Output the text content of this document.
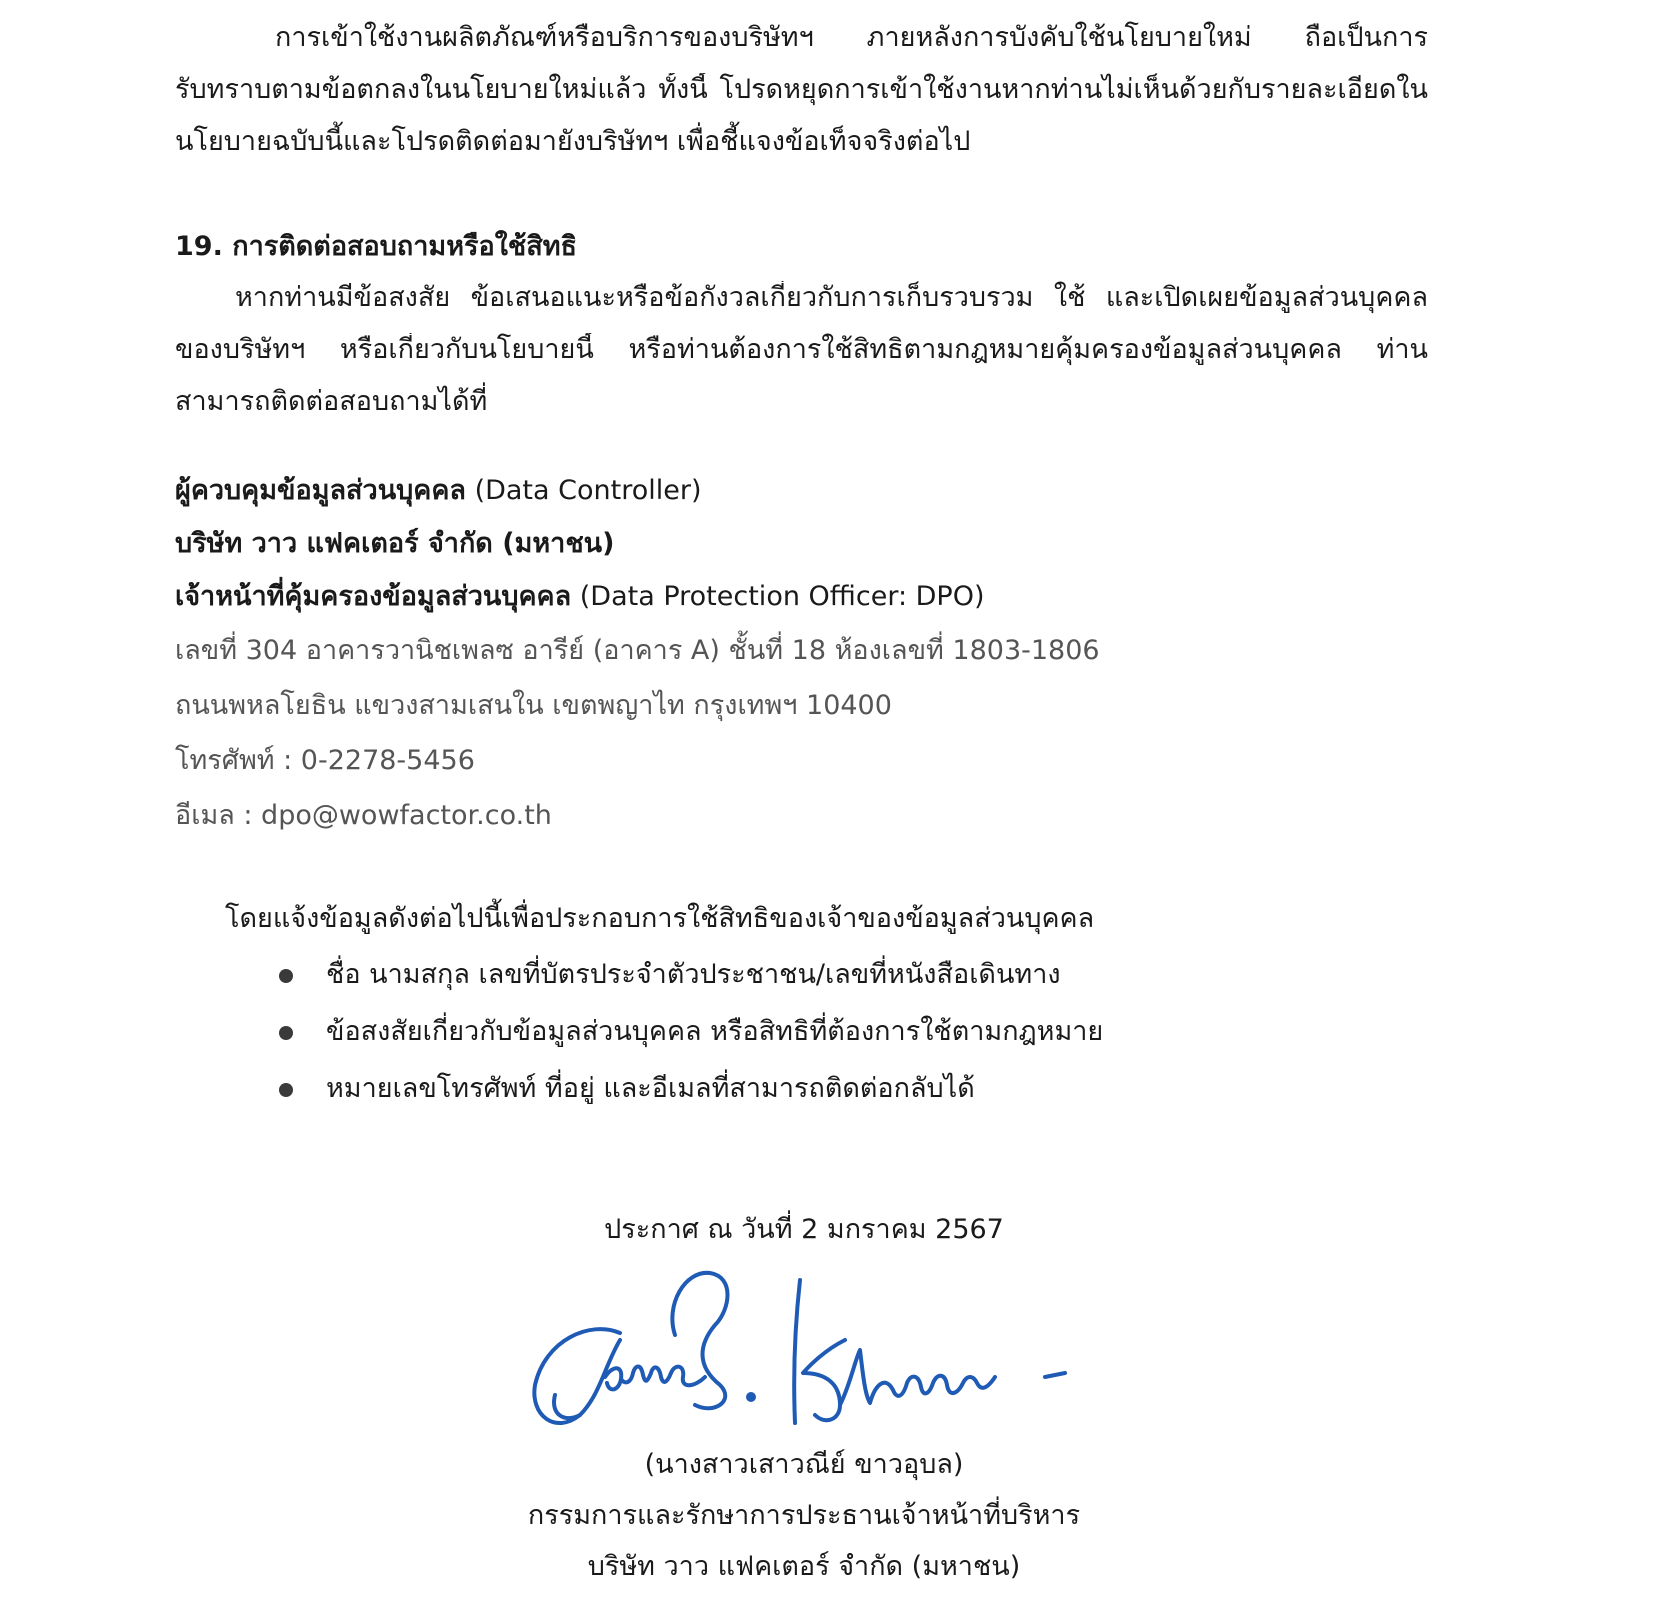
การเข้าใช้งานผลิตภัณฑ์หรือบริการของบริษัทฯ ภายหลังการบังคับใช้นโยบายใหม่ ถือเป็นการ
รับทราบตามข้อตกลงในนโยบายใหม่แล้ว ทั้งนี้ โปรดหยุดการเข้าใช้งานหากท่านไม่เห็นด้วยกับรายละเอียดใน
นโยบายฉบับนี้และโปรดติดต่อมายังบริษัทฯ เพื่อชี้แจงข้อเท็จจริงต่อไป
19. การติดต่อสอบถามหรือใช้สิทธิ
หากท่านมีข้อสงสัย ข้อเสนอแนะหรือข้อกังวลเกี่ยวกับการเก็บรวบรวม ใช้ และเปิดเผยข้อมูลส่วนบุคคล
ของบริษัทฯ หรือเกี่ยวกับนโยบายนี้ หรือท่านต้องการใช้สิทธิตามกฎหมายคุ้มครองข้อมูลส่วนบุคคล ท่าน
สามารถติดต่อสอบถามได้ที่
ผู้ควบคุมข้อมูลส่วนบุคคล (Data Controller)
บริษัท วาว แฟคเตอร์ จำกัด (มหาชน)
เจ้าหน้าที่คุ้มครองข้อมูลส่วนบุคคล (Data Protection Officer: DPO)
เลขที่ 304 อาคารวานิชเพลซ อารีย์ (อาคาร A) ชั้นที่ 18 ห้องเลขที่ 1803-1806
ถนนพหลโยธิน แขวงสามเสนใน เขตพญาไท กรุงเทพฯ 10400
โทรศัพท์ : 0-2278-5456
อีเมล : dpo@wowfactor.co.th
โดยแจ้งข้อมูลดังต่อไปนี้เพื่อประกอบการใช้สิทธิของเจ้าของข้อมูลส่วนบุคคล
ชื่อ นามสกุล เลขที่บัตรประจำตัวประชาชน/เลขที่หนังสือเดินทาง
ข้อสงสัยเกี่ยวกับข้อมูลส่วนบุคคล หรือสิทธิที่ต้องการใช้ตามกฎหมาย
หมายเลขโทรศัพท์ ที่อยู่ และอีเมลที่สามารถติดต่อกลับได้
ประกาศ ณ วันที่ 2 มกราคม 2567
(นางสาวเสาวณีย์ ขาวอุบล)
กรรมการและรักษาการประธานเจ้าหน้าที่บริหาร
บริษัท วาว แฟคเตอร์ จำกัด (มหาชน)
